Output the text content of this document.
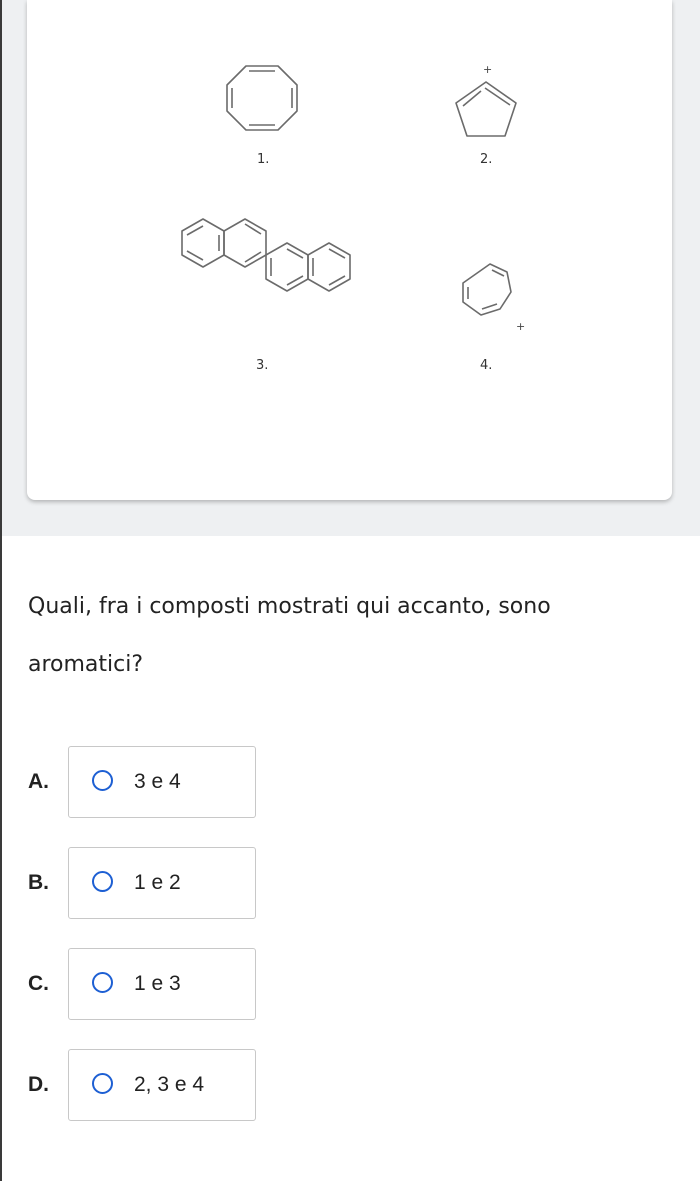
+
+
1.	2.
3.	4.

Quali, fra i composti mostrati qui accanto, sono aromatici?

A.	3 e 4
B.	1 e 2
C.	1 e 3
D.	2, 3 e 4
